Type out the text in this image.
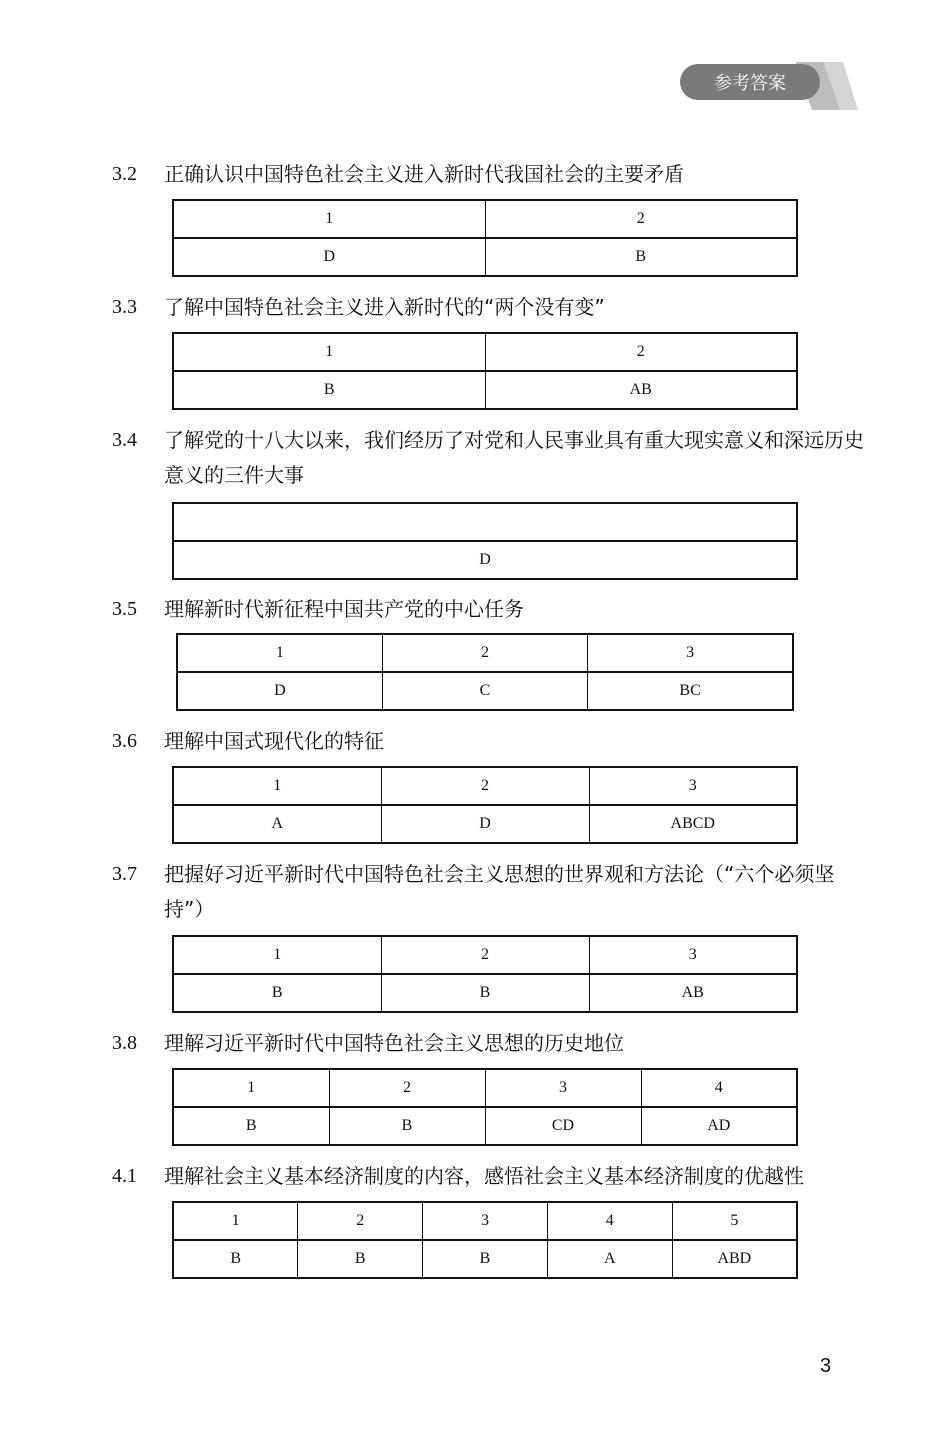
参考答案
3.2 正确认识中国特色社会主义进入新时代我国社会的主要矛盾
1	2
D	B
3.3 了解中国特色社会主义进入新时代的“两个没有变”
1	2
B	AB
3.4 了解党的十八大以来，我们经历了对党和人民事业具有重大现实意义和深远历史意义的三件大事

D
3.5 理解新时代新征程中国共产党的中心任务
1	2	3
D	C	BC
3.6 理解中国式现代化的特征
1	2	3
A	D	ABCD
3.7 把握好习近平新时代中国特色社会主义思想的世界观和方法论（“六个必须坚持”）
1	2	3
B	B	AB
3.8 理解习近平新时代中国特色社会主义思想的历史地位
1	2	3	4
B	B	CD	AD
4.1 理解社会主义基本经济制度的内容，感悟社会主义基本经济制度的优越性
1	2	3	4	5
B	B	B	A	ABD
3
